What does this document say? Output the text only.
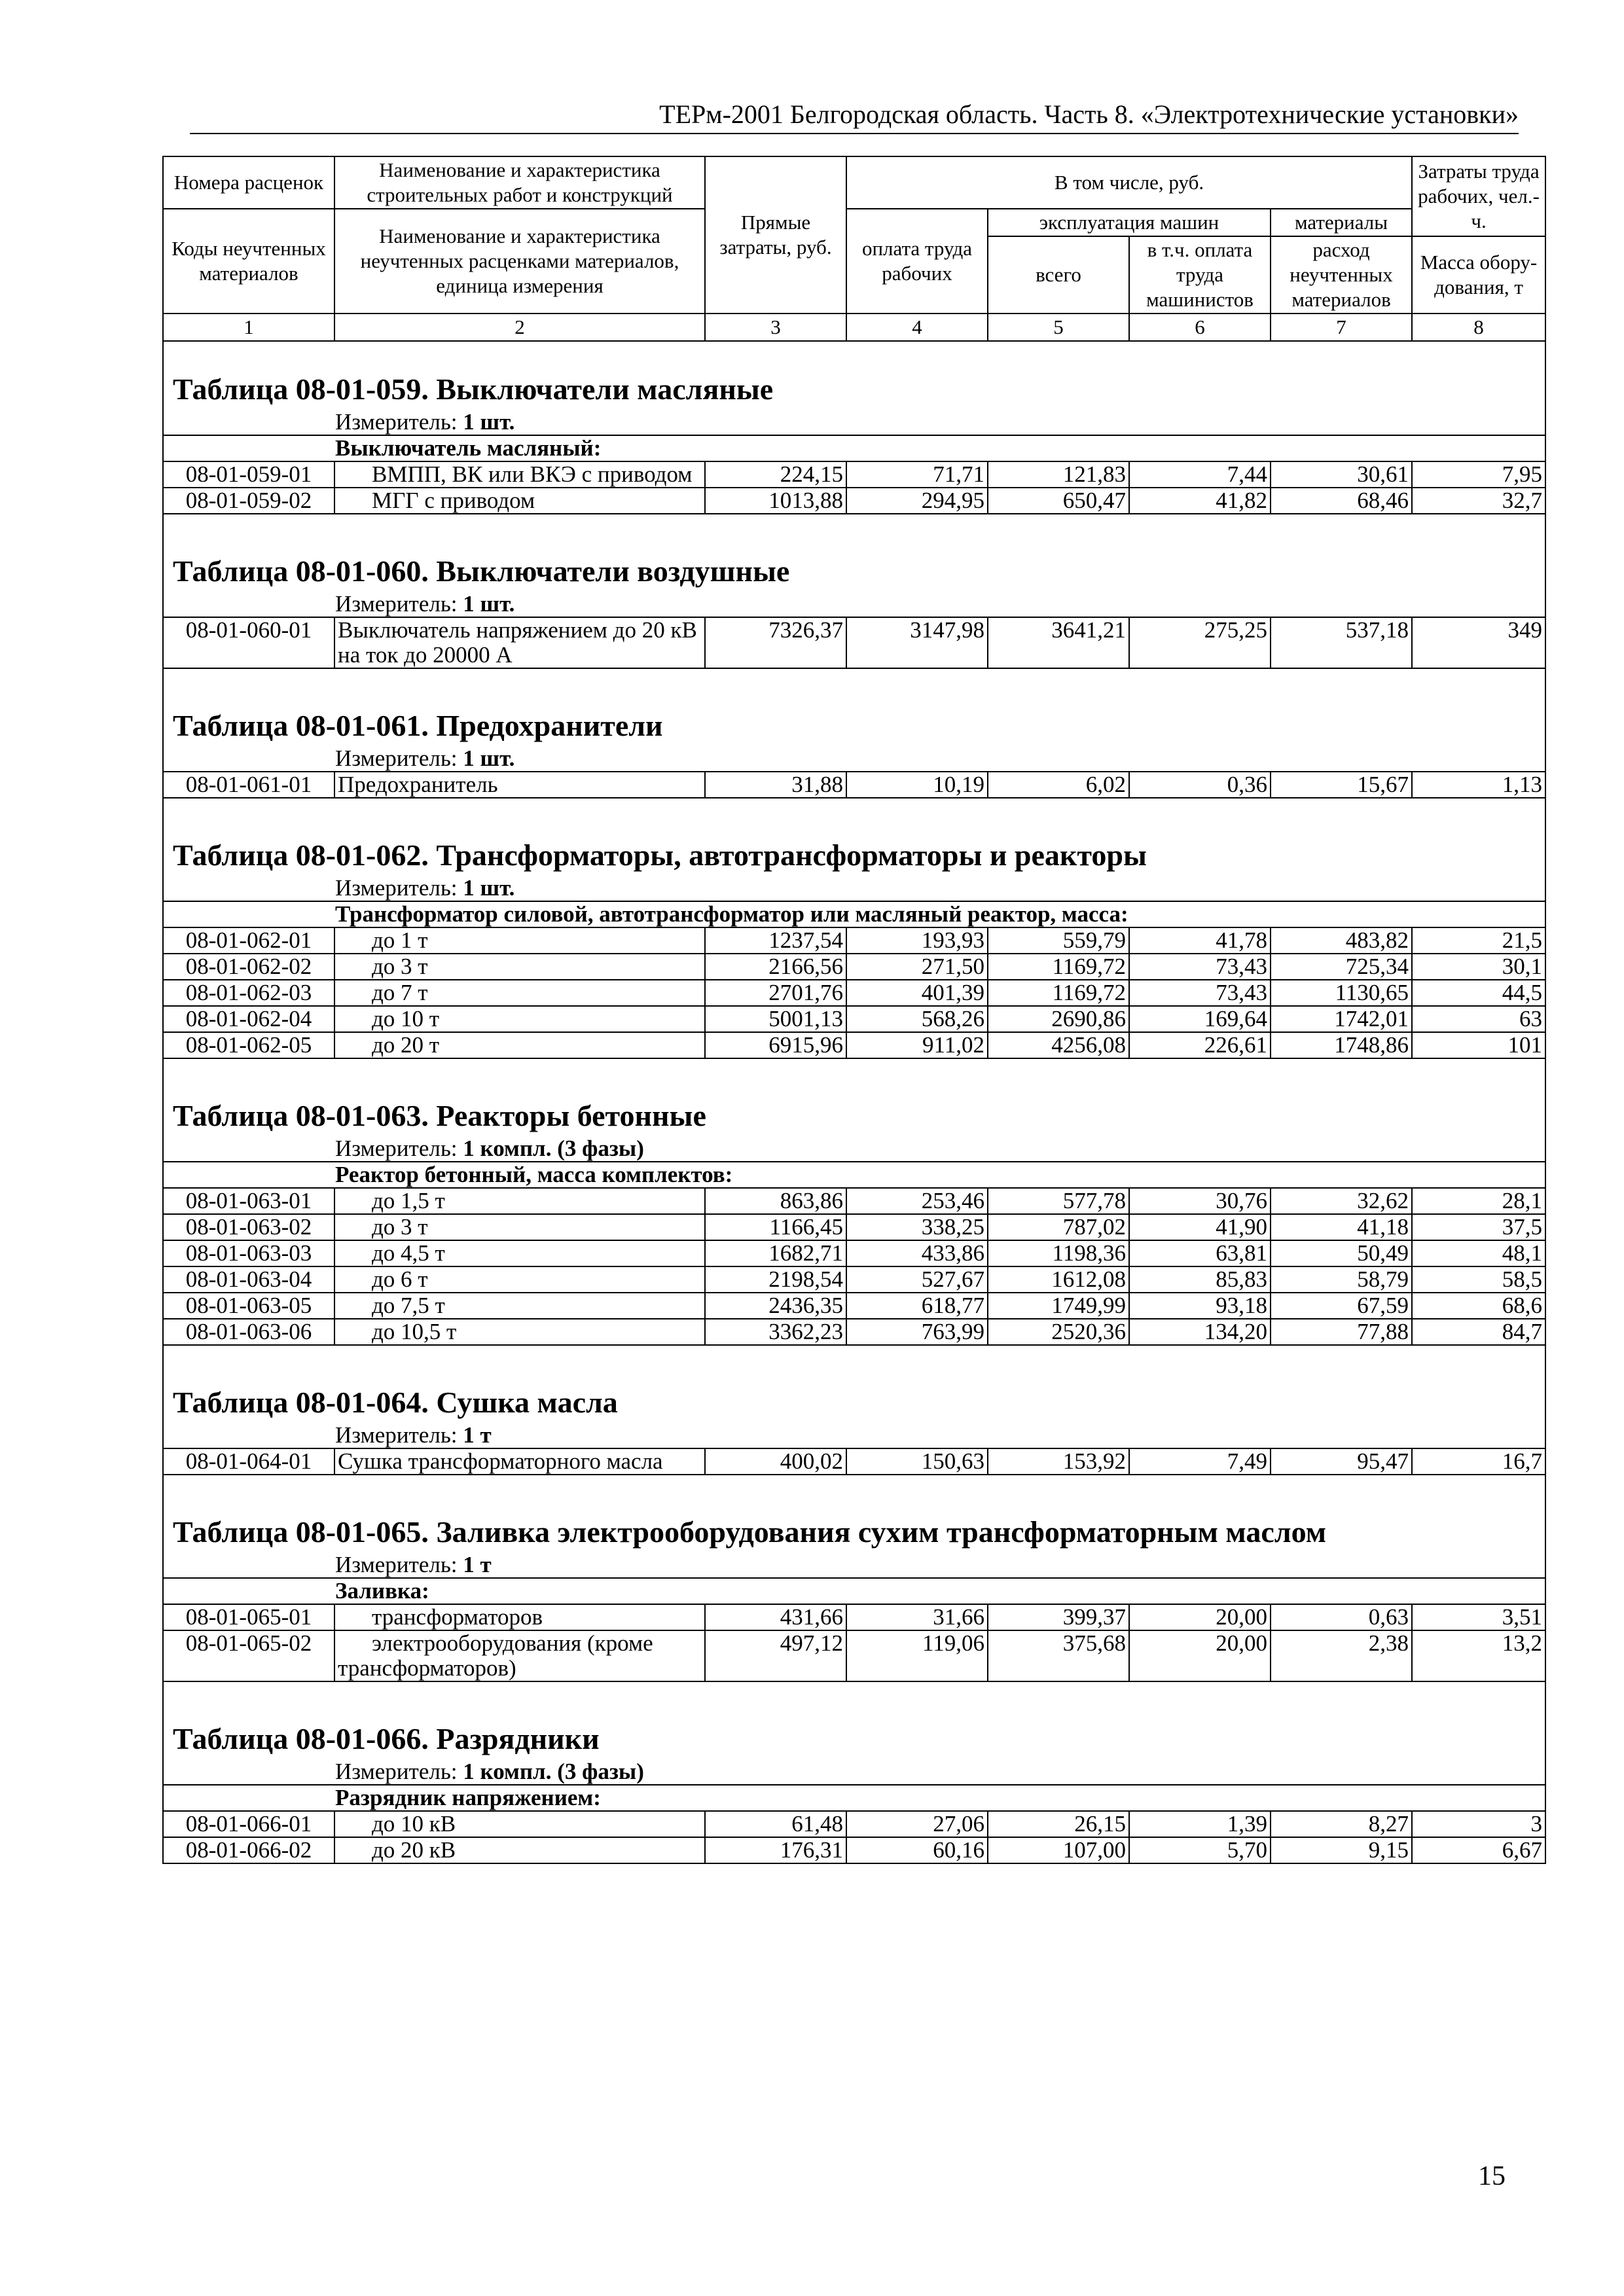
ТЕРм-2001 Белгородская область. Часть 8. «Электротехнические установки»
Номера расценок	Наименование и характеристика строительных работ и конструкций	Прямые затраты, руб.	В том числе, руб.				Затраты труда рабочих, чел.-ч.
Коды неучтенных материалов	Наименование и характеристика неучтенных расценками материалов, единица измерения		оплата труда рабочих	эксплуатация машин		материалы	
				всего	в т.ч. оплата труда машинистов	расход неучтенных материалов	
							Масса обору-дования, т
1	2	3	4	5	6	7	8
Таблица 08-01-059. Выключатели масляные							

Измеритель: 1 шт.							

Выключатель масляный:							

08-01-059-01	ВМПП, ВК или ВКЭ с приводом	224,15	71,71	121,83	7,44	30,61	7,95
08-01-059-02	МГГ с приводом	1013,88	294,95	650,47	41,82	68,46	32,7

Таблица 08-01-060. Выключатели воздушные							

Измеритель: 1 шт.							

08-01-060-01	Выключатель напряжением до 20 кВ на ток до 20000 А	7326,37	3147,98	3641,21	275,25	537,18	349

Таблица 08-01-061. Предохранители							

Измеритель: 1 шт.							

08-01-061-01	Предохранитель	31,88	10,19	6,02	0,36	15,67	1,13

Таблица 08-01-062. Трансформаторы, автотрансформаторы и реакторы							

Измеритель: 1 шт.							

Трансформатор силовой, автотрансформатор или масляный реактор, масса:							

08-01-062-01	до 1 т	1237,54	193,93	559,79	41,78	483,82	21,5
08-01-062-02	до 3 т	2166,56	271,50	1169,72	73,43	725,34	30,1
08-01-062-03	до 7 т	2701,76	401,39	1169,72	73,43	1130,65	44,5
08-01-062-04	до 10 т	5001,13	568,26	2690,86	169,64	1742,01	63
08-01-062-05	до 20 т	6915,96	911,02	4256,08	226,61	1748,86	101

Таблица 08-01-063. Реакторы бетонные							

Измеритель: 1 компл. (3 фазы)							

Реактор бетонный, масса комплектов:							

08-01-063-01	до 1,5 т	863,86	253,46	577,78	30,76	32,62	28,1
08-01-063-02	до 3 т	1166,45	338,25	787,02	41,90	41,18	37,5
08-01-063-03	до 4,5 т	1682,71	433,86	1198,36	63,81	50,49	48,1
08-01-063-04	до 6 т	2198,54	527,67	1612,08	85,83	58,79	58,5
08-01-063-05	до 7,5 т	2436,35	618,77	1749,99	93,18	67,59	68,6
08-01-063-06	до 10,5 т	3362,23	763,99	2520,36	134,20	77,88	84,7

Таблица 08-01-064. Сушка масла							

Измеритель: 1 т							

08-01-064-01	Сушка трансформаторного масла	400,02	150,63	153,92	7,49	95,47	16,7

Таблица 08-01-065. Заливка электрооборудования сухим трансформаторным маслом							

Измеритель: 1 т							

Заливка:							

08-01-065-01	трансформаторов	431,66	31,66	399,37	20,00	0,63	3,51
08-01-065-02	электрооборудования (кроме трансформаторов)	497,12	119,06	375,68	20,00	2,38	13,2

Таблица 08-01-066. Разрядники							

Измеритель: 1 компл. (3 фазы)							

Разрядник напряжением:							

08-01-066-01	до 10 кВ	61,48	27,06	26,15	1,39	8,27	3
08-01-066-02	до 20 кВ	176,31	60,16	107,00	5,70	9,15	6,67
15
